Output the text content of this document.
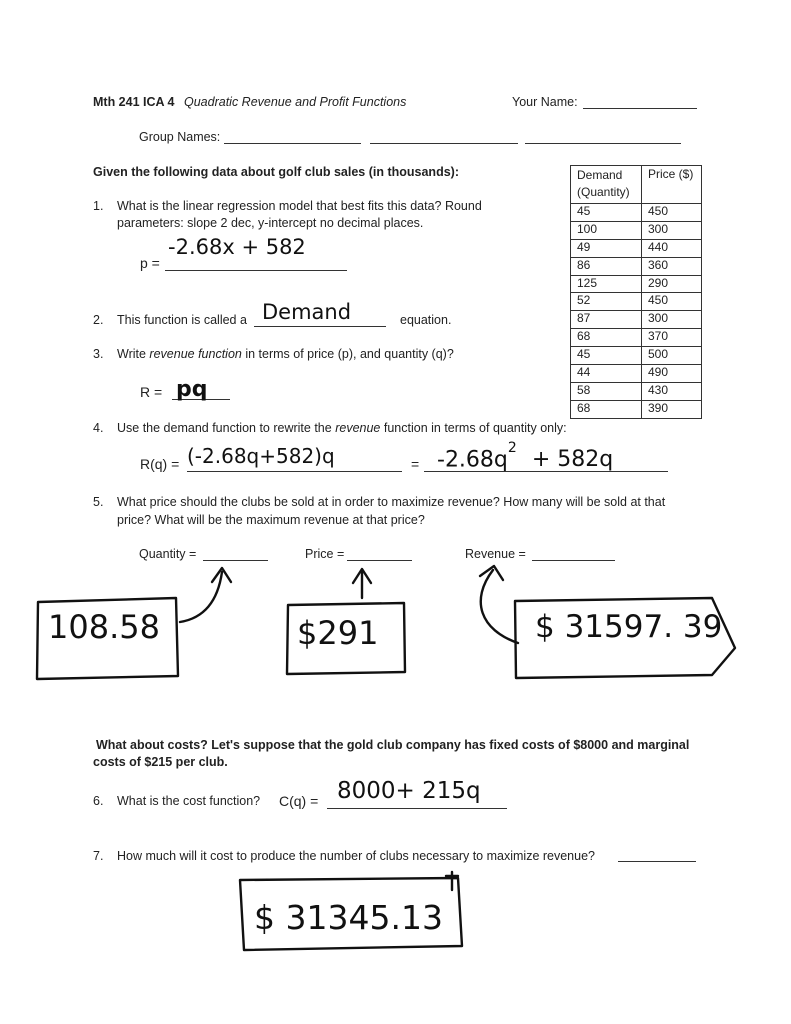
Mth 241 ICA 4 Quadratic Revenue and Profit Functions	Your Name:
Group Names:
Given the following data about golf club sales (in thousands):	Demand (Quantity)	Price ($)
45	450
100	300
49	440
86	360
125	290
52	450
87	300
68	370
45	500
44	490
58	430
68	390
1. What is the linear regression model that best fits this data? Round
parameters: slope 2 dec, y-intercept no decimal places.
p =
-2.68x + 582
2. This function is called a	equation.
Demand
3. Write revenue function in terms of price (p), and quantity (q)?
R = pq
4. Use the demand function to rewrite the revenue function in terms of quantity only:
R(q) =	=
(-2.68q+582)q	$-2.68q^2 + 582q$
5. What price should the clubs be sold at in order to maximize revenue? How many will be sold at that
price? What will be the maximum revenue at that price?
Quantity =	Price =	Revenue =
108.58	$291	$ 31597. 39
What about costs? Let's suppose that the gold club company has fixed costs of $8000 and marginal
costs of $215 per club.
6. What is the cost function? C(q) = 8000+ 215q
7. How much will it cost to produce the number of clubs necessary to maximize revenue?
$ 31345.13
